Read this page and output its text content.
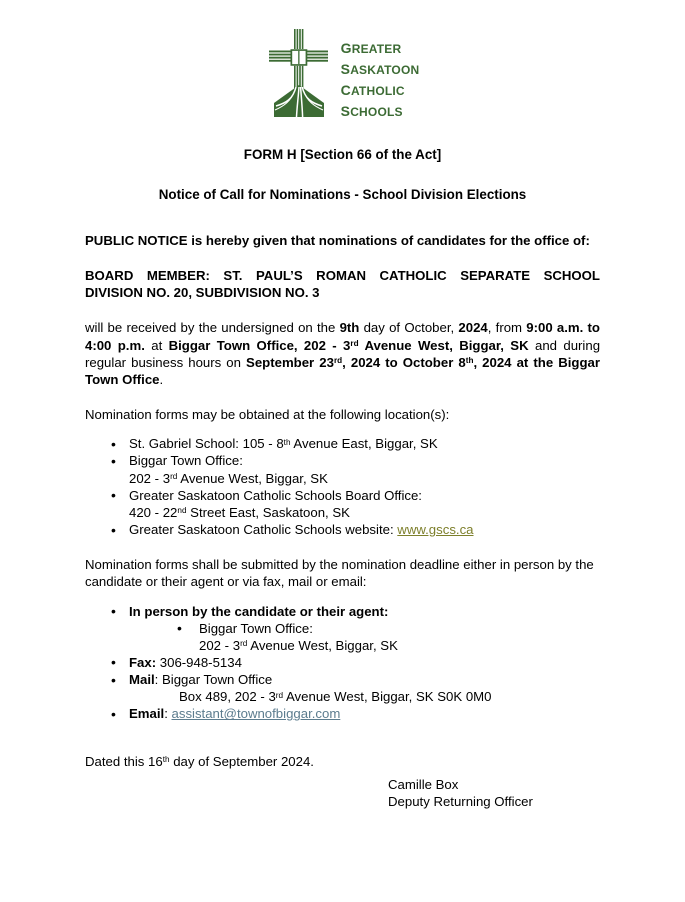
greater
saskatoon
catholic
schools
FORM H [Section 66 of the Act]
Notice of Call for Nominations - School Division Elections

PUBLIC NOTICE is hereby given that nominations of candidates for the office of:

BOARD MEMBER: ST. PAUL’S ROMAN CATHOLIC SEPARATE SCHOOL

DIVISION NO. 20, SUBDIVISION NO. 3

will be received by the undersigned on the 9th day of October, 2024, from 9:00 a.m. to 4:00 p.m. at Biggar Town Office, 202 - 3rd Avenue West, Biggar, SK and during regular business hours on September 23rd, 2024 to October 8th, 2024 at the Biggar Town Office.

Nomination forms may be obtained at the following location(s):
• St. Gabriel School: 105 - 8th Avenue East, Biggar, SK
• Biggar Town Office:
202 - 3rd Avenue West, Biggar, SK
• Greater Saskatoon Catholic Schools Board Office:
420 - 22nd Street East, Saskatoon, SK
• Greater Saskatoon Catholic Schools website: www.gscs.ca
Nomination forms shall be submitted by the nomination deadline either in person by the candidate or their agent or via fax, mail or email:
• In person by the candidate or their agent:
• Biggar Town Office:
202 - 3rd Avenue West, Biggar, SK
• Fax: 306-948-5134
• Mail: Biggar Town Office
Box 489, 202 - 3rd Avenue West, Biggar, SK S0K 0M0
• Email: assistant@townofbiggar.com
Dated this 16th day of September 2024.
Camille Box
Deputy Returning Officer
